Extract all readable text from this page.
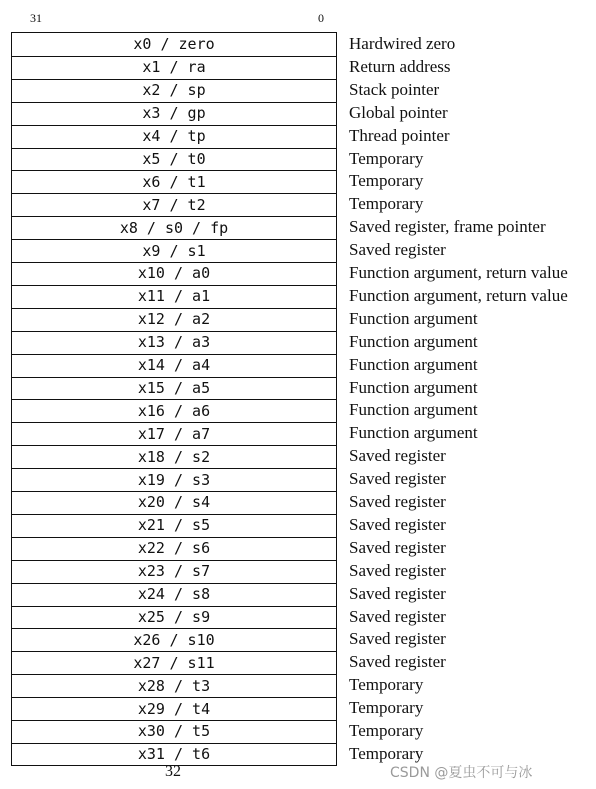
31	0
x0 / zero
x1 / ra
x2 / sp
x3 / gp
x4 / tp
x5 / t0
x6 / t1
x7 / t2
x8 / s0 / fp
x9 / s1
x10 / a0
x11 / a1
x12 / a2
x13 / a3
x14 / a4
x15 / a5
x16 / a6
x17 / a7
x18 / s2
x19 / s3
x20 / s4
x21 / s5
x22 / s6
x23 / s7
x24 / s8
x25 / s9
x26 / s10
x27 / s11
x28 / t3
x29 / t4
x30 / t5
x31 / t6
Hardwired zero
Return address
Stack pointer
Global pointer
Thread pointer
Temporary
Temporary
Temporary
Saved register, frame pointer
Saved register
Function argument, return value
Function argument, return value
Function argument
Function argument
Function argument
Function argument
Function argument
Function argument
Saved register
Saved register
Saved register
Saved register
Saved register
Saved register
Saved register
Saved register
Saved register
Saved register
Temporary
Temporary
Temporary
Temporary
32	CSDN @夏虫不可与冰
